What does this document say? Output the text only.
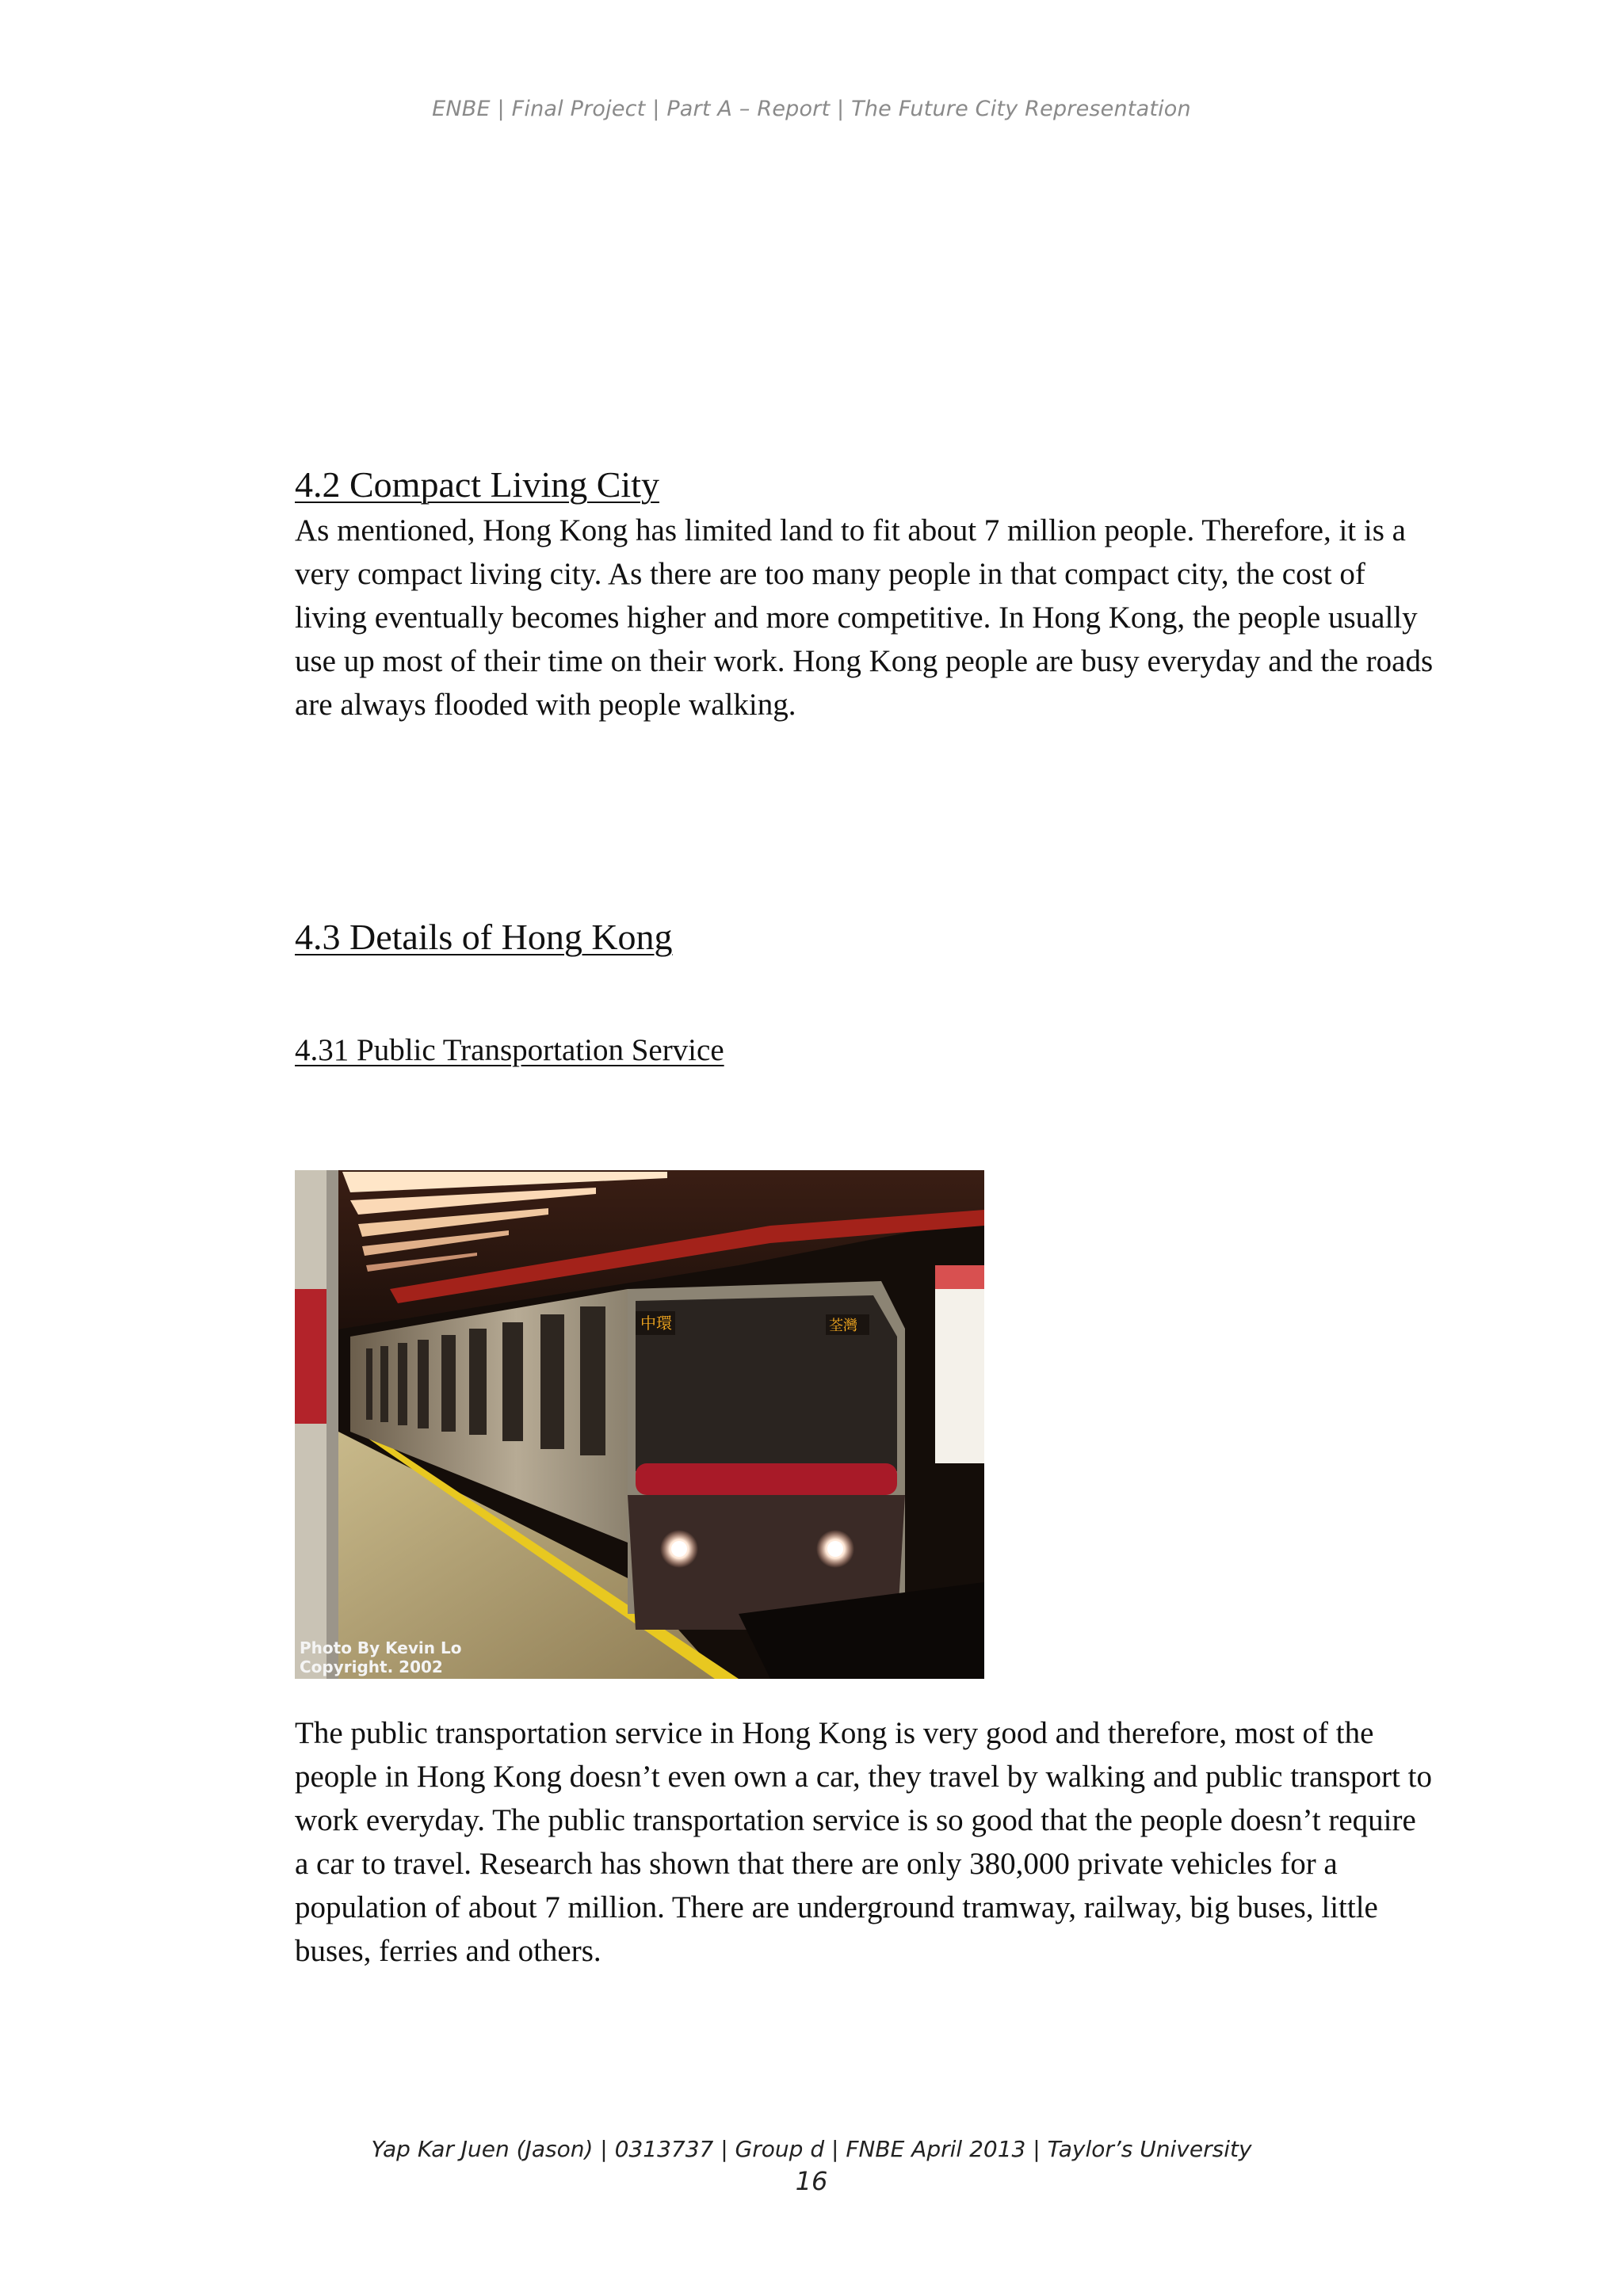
ENBE | Final Project | Part A – Report | The Future City Representation
4.2 Compact Living City

As mentioned, Hong Kong has limited land to fit about 7 million people. Therefore, it is a very compact living city. As there are too many people in that compact city, the cost of living eventually becomes higher and more competitive. In Hong Kong, the people usually use up most of their time on their work. Hong Kong people are busy everyday and the roads are always flooded with people walking.

4.3 Details of Hong Kong
4.31 Public Transportation Service
中環	荃灣
Photo By Kevin Lo
Copyright. 2002

The public transportation service in Hong Kong is very good and therefore, most of the people in Hong Kong doesn’t even own a car, they travel by walking and public transport to work everyday. The public transportation service is so good that the people doesn’t require a car to travel. Research has shown that there are only 380,000 private vehicles for a population of about 7 million. There are underground tramway, railway, big buses, little buses, ferries and others.

Yap Kar Juen (Jason) | 0313737 | Group d | FNBE April 2013 | Taylor’s University
16
